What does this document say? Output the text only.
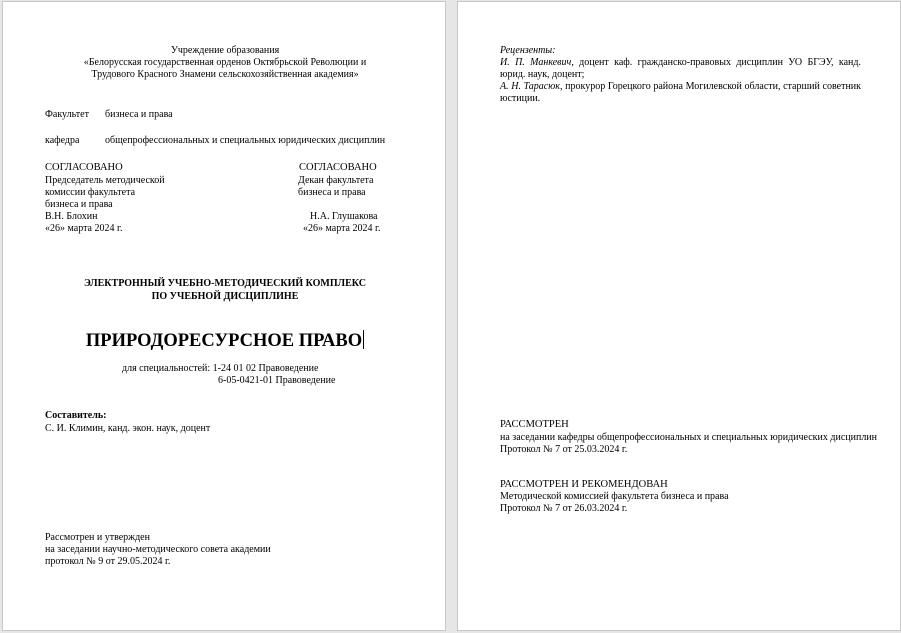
Учреждение образования
«Белорусская государственная орденов Октябрьской Революции и
Трудового Красного Знамени сельскохозяйственная академия»
Факультет бизнеса и права
кафедра	общепрофессиональных и специальных юридических дисциплин
СОГЛАСОВАНО
Председатель методической
комиссии факультета
бизнеса и права
В.Н. Блохин
«26» марта 2024 г.
СОГЛАСОВАНО
Декан факультета
бизнеса и права
Н.А. Глушакова
«26» марта 2024 г.
ЭЛЕКТРОННЫЙ УЧЕБНО-МЕТОДИЧЕСКИЙ КОМПЛЕКС
ПО УЧЕБНОЙ ДИСЦИПЛИНЕ
ПРИРОДОРЕСУРСНОЕ ПРАВО
для специальностей: 1-24 01 02 Правоведение
6-05-0421-01 Правоведение
Составитель:
С. И. Климин, канд. экон. наук, доцент
Рассмотрен и утвержден
на заседании научно-методического совета академии
протокол № 9 от 29.05.2024 г.
Рецензенты:
И. П. Манкевич, доцент каф. гражданско-правовых дисциплин УО БГЭУ, канд. юрид. наук, доцент;
А. Н. Тарасюк, прокурор Горецкого района Могилевской области, старший советник юстиции.
РАССМОТРЕН
на заседании кафедры общепрофессиональных и специальных юридических дисциплин
Протокол № 7 от 25.03.2024 г.
РАССМОТРЕН И РЕКОМЕНДОВАН
Методической комиссией факультета бизнеса и права
Протокол № 7 от 26.03.2024 г.
